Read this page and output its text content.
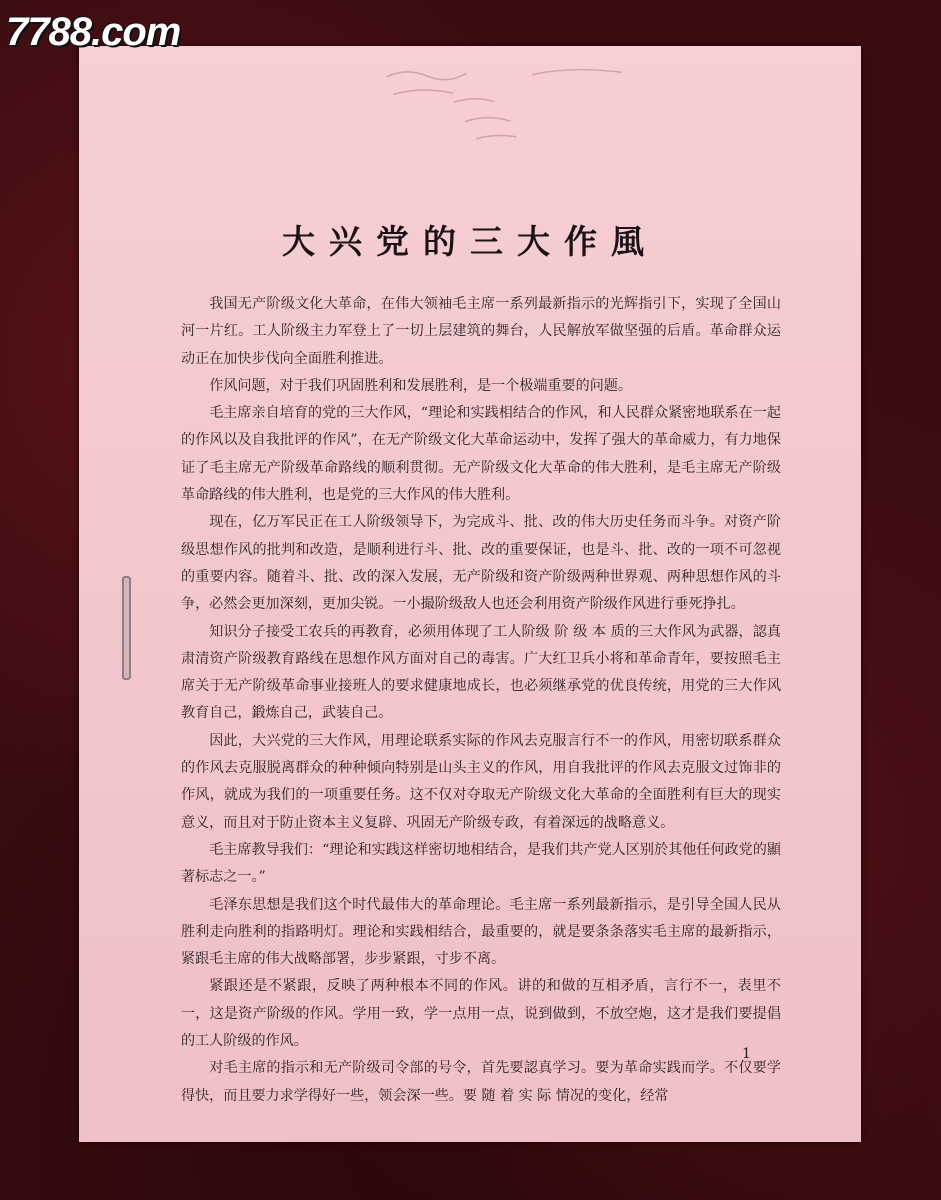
7788.com
大兴党的三大作風

我国无产阶级文化大革命，在伟大领袖毛主席一系列最新指示的光辉指引下，实现了全国山河一片红。工人阶级主力军登上了一切上层建筑的舞台，人民解放军做坚强的后盾。革命群众运动正在加快步伐向全面胜利推进。

作风问题，对于我们巩固胜利和发展胜利，是一个极端重要的问题。

毛主席亲自培育的党的三大作风，“理论和实践相结合的作风，和人民群众紧密地联系在一起的作风以及自我批评的作风”，在无产阶级文化大革命运动中，发挥了强大的革命威力，有力地保证了毛主席无产阶级革命路线的顺利贯彻。无产阶级文化大革命的伟大胜利，是毛主席无产阶级革命路线的伟大胜利，也是党的三大作风的伟大胜利。

现在，亿万军民正在工人阶级领导下，为完成斗、批、改的伟大历史任务而斗争。对资产阶级思想作风的批判和改造，是顺利进行斗、批、改的重要保证，也是斗、批、改的一项不可忽视的重要内容。随着斗、批、改的深入发展，无产阶级和资产阶级两种世界观、两种思想作风的斗争，必然会更加深刻，更加尖锐。一小撮阶级敌人也还会利用资产阶级作风进行垂死挣扎。

知识分子接受工农兵的再教育，必须用体现了工人阶级 阶 级 本 质的三大作风为武器，認真肃清资产阶级教育路线在思想作风方面对自己的毒害。广大红卫兵小将和革命青年，要按照毛主席关于无产阶级革命事业接班人的要求健康地成长，也必须继承党的优良传统，用党的三大作风教育自己，鍛炼自己，武装自己。

因此，大兴党的三大作风，用理论联系实际的作风去克服言行不一的作风，用密切联系群众的作风去克服脱离群众的种种倾向特别是山头主义的作风，用自我批评的作风去克服文过饰非的作风，就成为我们的一项重要任务。这不仅对夺取无产阶级文化大革命的全面胜利有巨大的现实意义，而且对于防止资本主义复辟、巩固无产阶级专政，有着深远的战略意义。

毛主席教导我们：“理论和实践这样密切地相结合，是我们共产党人区别於其他任何政党的顯著标志之一。”

毛泽东思想是我们这个时代最伟大的革命理论。毛主席一系列最新指示，是引导全国人民从胜利走向胜利的指路明灯。理论和实践相结合，最重要的，就是要条条落实毛主席的最新指示，紧跟毛主席的伟大战略部署，步步紧跟，寸步不离。

紧跟还是不紧跟，反映了两种根本不同的作风。讲的和做的互相矛盾，言行不一，表里不一，这是资产阶级的作风。学用一致，学一点用一点，说到做到，不放空炮，这才是我们要提倡的工人阶级的作风。

对毛主席的指示和无产阶级司令部的号令，首先要認真学习。要为革命实践而学。不仅要学得快，而且要力求学得好一些，领会深一些。要 随 着 实 际 情况的变化，经常

1
